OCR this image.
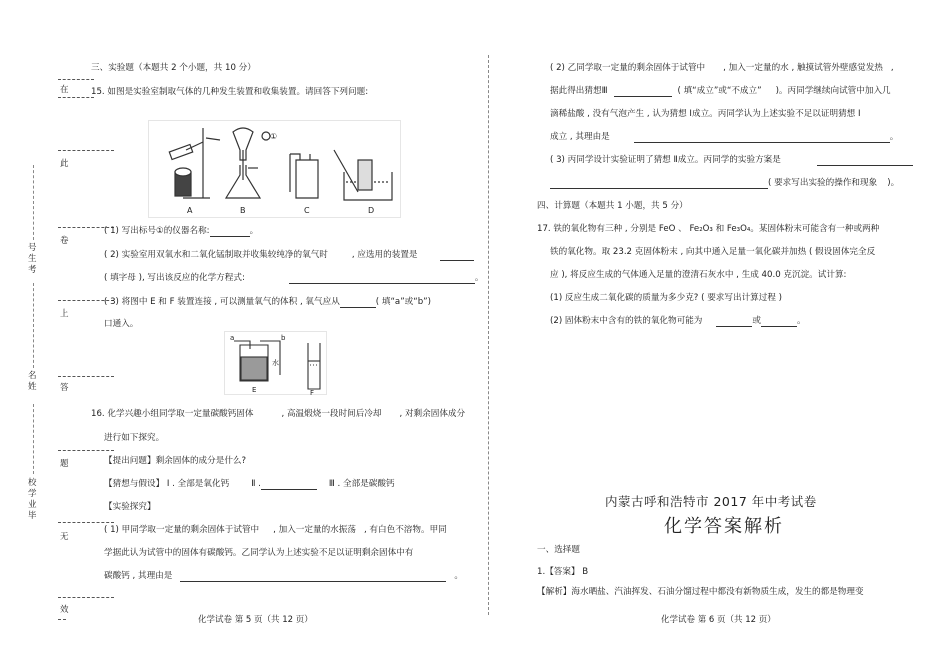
在
此
卷
上
答
题
无
效
号生考
名姓
校学业毕
三、实验题（本题共 2 个小题，共 10 分）
15. 如图是实验室制取气体的几种发生装置和收集装置。请回答下列问题:
A	B	C	D
①
( 1) 写出标号①的仪器名称:	。
( 2) 实验室用双氧水和二氧化锰制取并收集较纯净的氧气时	, 应选用的装置是
( 填字母 ), 写出该反应的化学方程式:	。
( 3) 将图中 E 和 F 装置连接 , 可以测量氧气的体积 , 氧气应从	( 填“a”或“b”)
口通入。
a	b
水
E	F
16. 化学兴趣小组同学取一定量碳酸钙固体	, 高温煅烧一段时间后冷却 , 对剩余固体成分
进行如下探究。
【提出问题】剩余固体的成分是什么?
【猜想与假设】 Ⅰ . 全部是氧化钙	Ⅱ .	Ⅲ . 全部是碳酸钙
【实验探究】
( 1) 甲同学取一定量的剩余固体于试管中 , 加入一定量的水振荡 , 有白色不溶物。甲同
学据此认为试管中的固体有碳酸钙。乙同学认为上述实验不足以证明剩余固体中有
碳酸钙 , 其理由是	。
化学试卷 第 5 页（共 12 页）
( 2) 乙同学取一定量的剩余固体于试管中 , 加入一定量的水 , 触摸试管外壁感觉发热 ,
据此得出猜想Ⅲ	( 填“成立”或“不成立” )。丙同学继续向试管中加入几
滴稀盐酸 , 没有气泡产生 , 认为猜想 Ⅰ成立。丙同学认为上述实验不足以证明猜想 Ⅰ
成立 , 其理由是	。
( 3) 丙同学设计实验证明了猜想 Ⅱ成立。丙同学的实验方案是
( 要求写出实验的操作和现象 )。
四、计算题（本题共 1 小题，共 5 分）
17. 铁的氧化物有三种 , 分别是 FeO 、 Fe₂O₃ 和 Fe₃O₄。某固体粉末可能含有一种或两种
铁的氧化物。取 23.2 克固体粉末 , 向其中通入足量一氧化碳并加热 ( 假设固体完全反
应 ), 将反应生成的气体通入足量的澄清石灰水中 , 生成 40.0 克沉淀。试计算:
(1) 反应生成二氧化碳的质量为多少克? ( 要求写出计算过程 )
(2) 固体粉末中含有的铁的氧化物可能为	或	。
内蒙古呼和浩特市 2017 年中考试卷
化学答案解析
一、选择题
1.【答案】 B
【解析】海水晒盐、汽油挥发、石油分馏过程中都没有新物质生成，发生的都是物理变
化学试卷 第 6 页（共 12 页）
